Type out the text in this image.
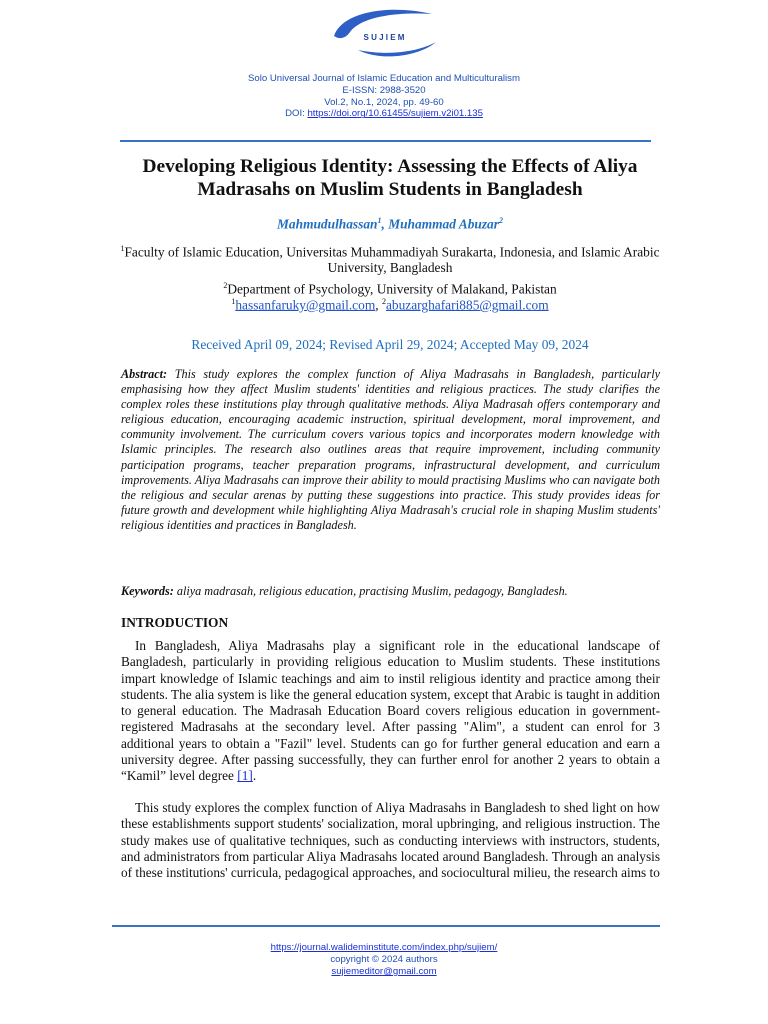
S U J I E M
Solo Universal Journal of Islamic Education and Multiculturalism
E-ISSN: 2988-3520
Vol.2, No.1, 2024, pp. 49-60
DOI: https://doi.org/10.61455/sujiem.v2i01.135
Developing Religious Identity: Assessing the Effects of Aliya
Madrasahs on Muslim Students in Bangladesh
Mahmudulhassan$^1$, Muhammad Abuzar$^2$
$^1$Faculty of Islamic Education, Universitas Muhammadiyah Surakarta, Indonesia, and Islamic Arabic University, Bangladesh
$^2$Department of Psychology, University of Malakand, Pakistan
$^1$hassanfaruky@gmail.com, $^2$abuzarghafari885@gmail.com
Received April 09, 2024; Revised April 29, 2024; Accepted May 09, 2024
Abstract: This study explores the complex function of Aliya Madrasahs in Bangladesh, particularly emphasising how they affect Muslim students' identities and religious practices. The study clarifies the complex roles these institutions play through qualitative methods. Aliya Madrasah offers contemporary and religious education, encouraging academic instruction, spiritual development, moral improvement, and community involvement. The curriculum covers various topics and incorporates modern knowledge with Islamic principles. The research also outlines areas that require improvement, including community participation programs, teacher preparation programs, infrastructural development, and curriculum improvements. Aliya Madrasahs can improve their ability to mould practising Muslims who can navigate both the religious and secular arenas by putting these suggestions into practice. This study provides ideas for future growth and development while highlighting Aliya Madrasah's crucial role in shaping Muslim students' religious identities and practices in Bangladesh.
Keywords: aliya madrasah, religious education, practising Muslim, pedagogy, Bangladesh.
INTRODUCTION

In Bangladesh, Aliya Madrasahs play a significant role in the educational landscape of Bangladesh, particularly in providing religious education to Muslim students. These institutions impart knowledge of Islamic teachings and aim to instil religious identity and practice among their students. The alia system is like the general education system, except that Arabic is taught in addition to general education. The Madrasah Education Board covers religious education in government-registered Madrasahs at the secondary level. After passing "Alim", a student can enrol for 3 additional years to obtain a "Fazil" level. Students can go for further general education and earn a university degree. After passing successfully, they can further enrol for another 2 years to obtain a “Kamil” level degree [1].

This study explores the complex function of Aliya Madrasahs in Bangladesh to shed light on how these establishments support students' socialization, moral upbringing, and religious instruction. The study makes use of qualitative techniques, such as conducting interviews with instructors, students, and administrators from particular Aliya Madrasahs located around Bangladesh. Through an analysis of these institutions' curricula, pedagogical approaches, and sociocultural milieu, the research aims to

https://journal.walideminstitute.com/index.php/sujiem/
copyright © 2024 authors
sujiemeditor@gmail.com
